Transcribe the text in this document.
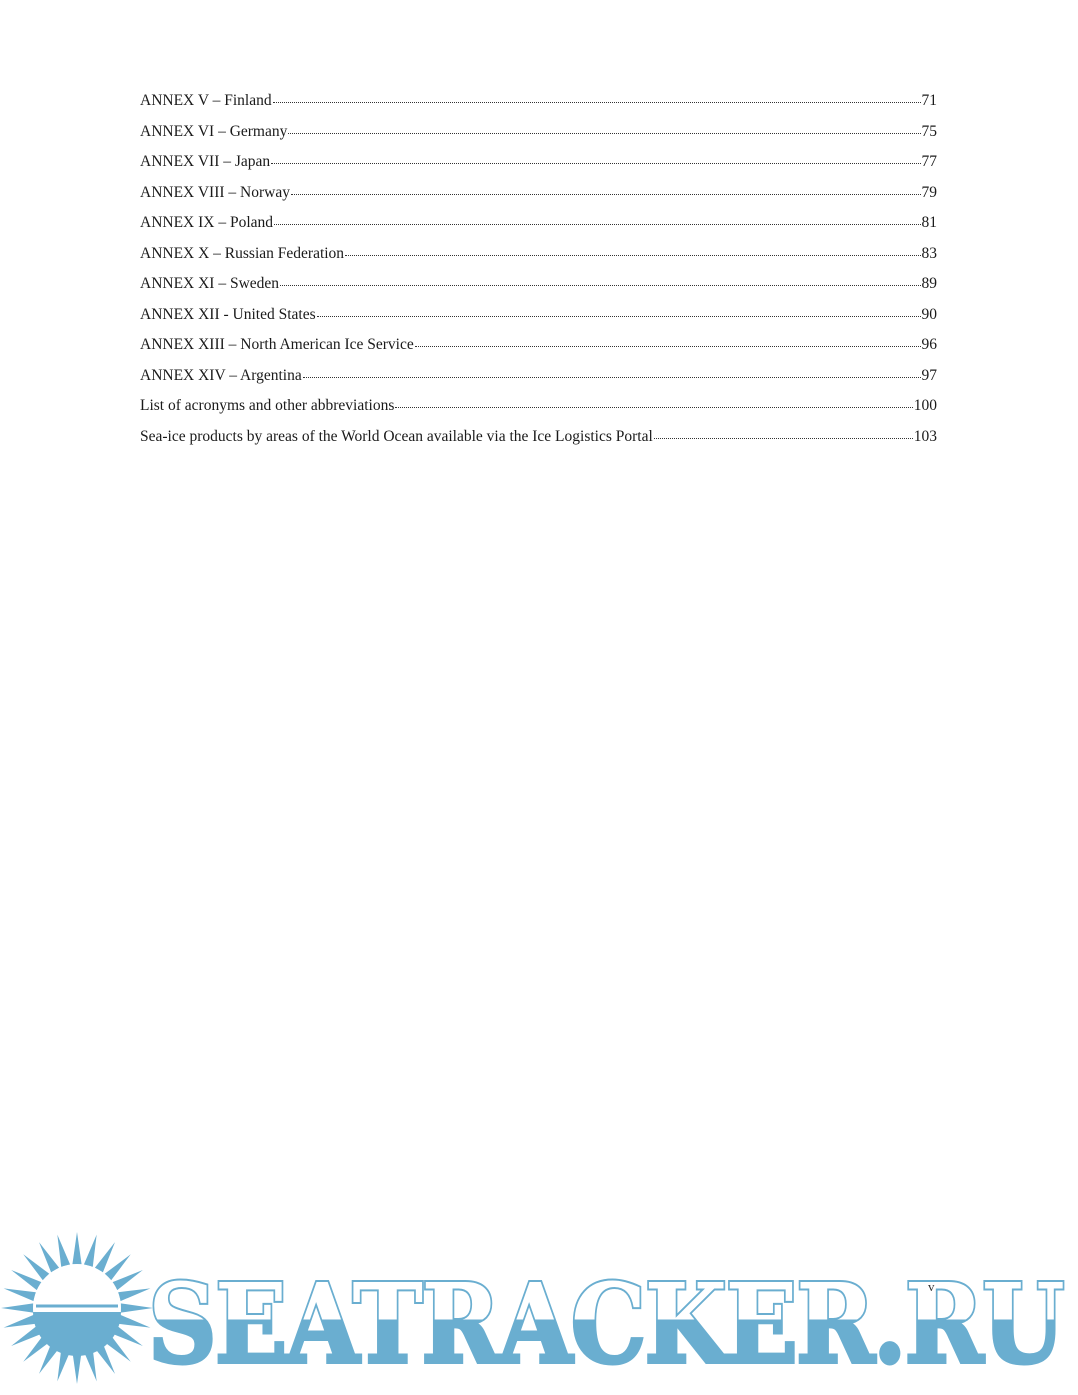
ANNEX V – Finland	71
ANNEX VI – Germany	75
ANNEX VII – Japan	77
ANNEX VIII – Norway	79
ANNEX IX – Poland	81
ANNEX X – Russian Federation	83
ANNEX XI – Sweden	89
ANNEX XII - United States	90
ANNEX XIII – North American Ice Service	96
ANNEX XIV – Argentina	97
List of acronyms and other abbreviations	100
Sea-ice products by areas of the World Ocean available via the Ice Logistics Portal	103
SEATRACKER.RU
v
